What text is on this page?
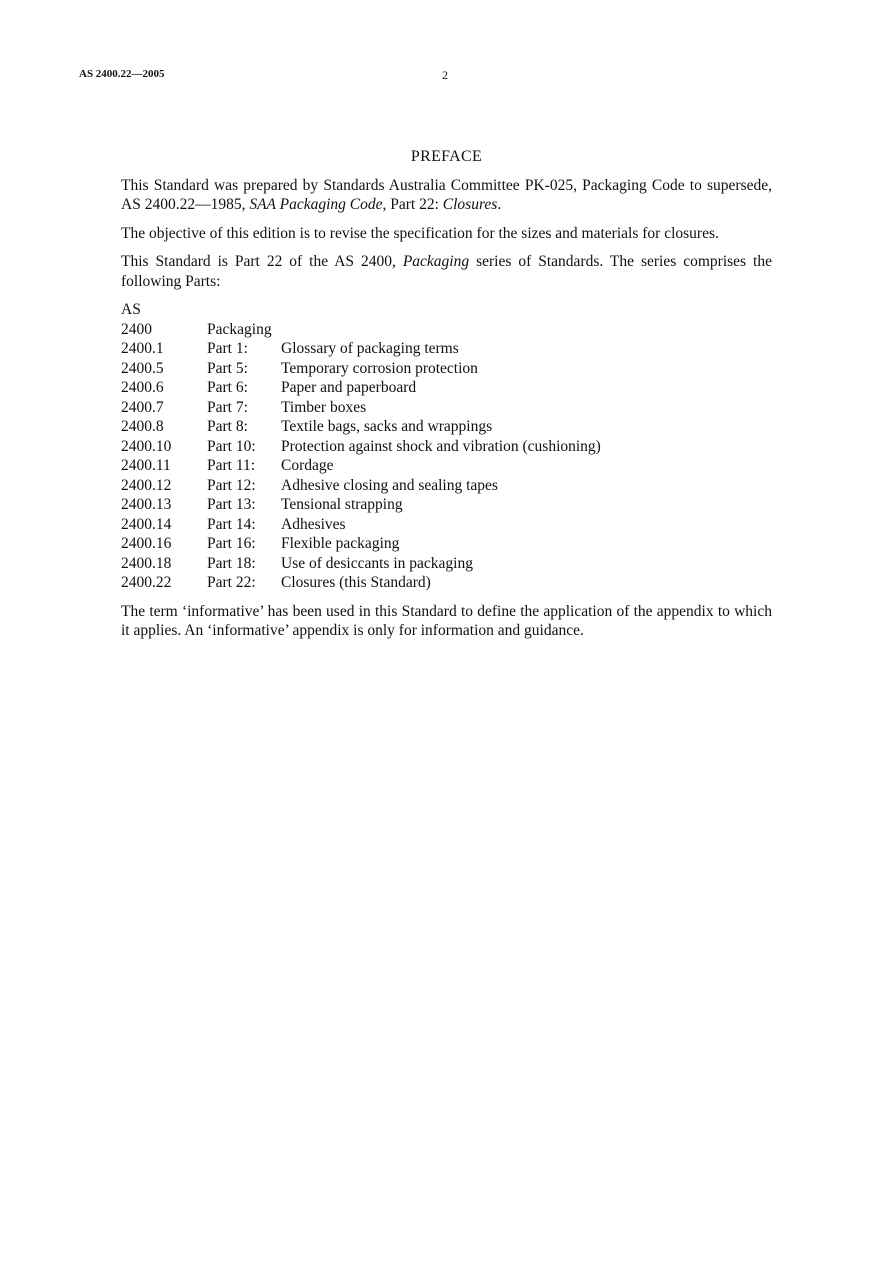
AS 2400.22—2005	2
PREFACE

This Standard was prepared by Standards Australia Committee PK-025, Packaging Code to supersede, AS 2400.22—1985, SAA Packaging Code, Part 22: Closures.

The objective of this edition is to revise the specification for the sizes and materials for closures.

This Standard is Part 22 of the AS 2400, Packaging series of Standards. The series comprises the following Parts:

AS
2400	Packaging
2400.1	Part 1:	Glossary of packaging terms
2400.5	Part 5:	Temporary corrosion protection
2400.6	Part 6:	Paper and paperboard
2400.7	Part 7:	Timber boxes
2400.8	Part 8:	Textile bags, sacks and wrappings
2400.10	Part 10:	Protection against shock and vibration (cushioning)
2400.11	Part 11:	Cordage
2400.12	Part 12:	Adhesive closing and sealing tapes
2400.13	Part 13:	Tensional strapping
2400.14	Part 14:	Adhesives
2400.16	Part 16:	Flexible packaging
2400.18	Part 18:	Use of desiccants in packaging
2400.22	Part 22:	Closures (this Standard)

The term ‘informative’ has been used in this Standard to define the application of the appendix to which it applies. An ‘informative’ appendix is only for information and guidance.
